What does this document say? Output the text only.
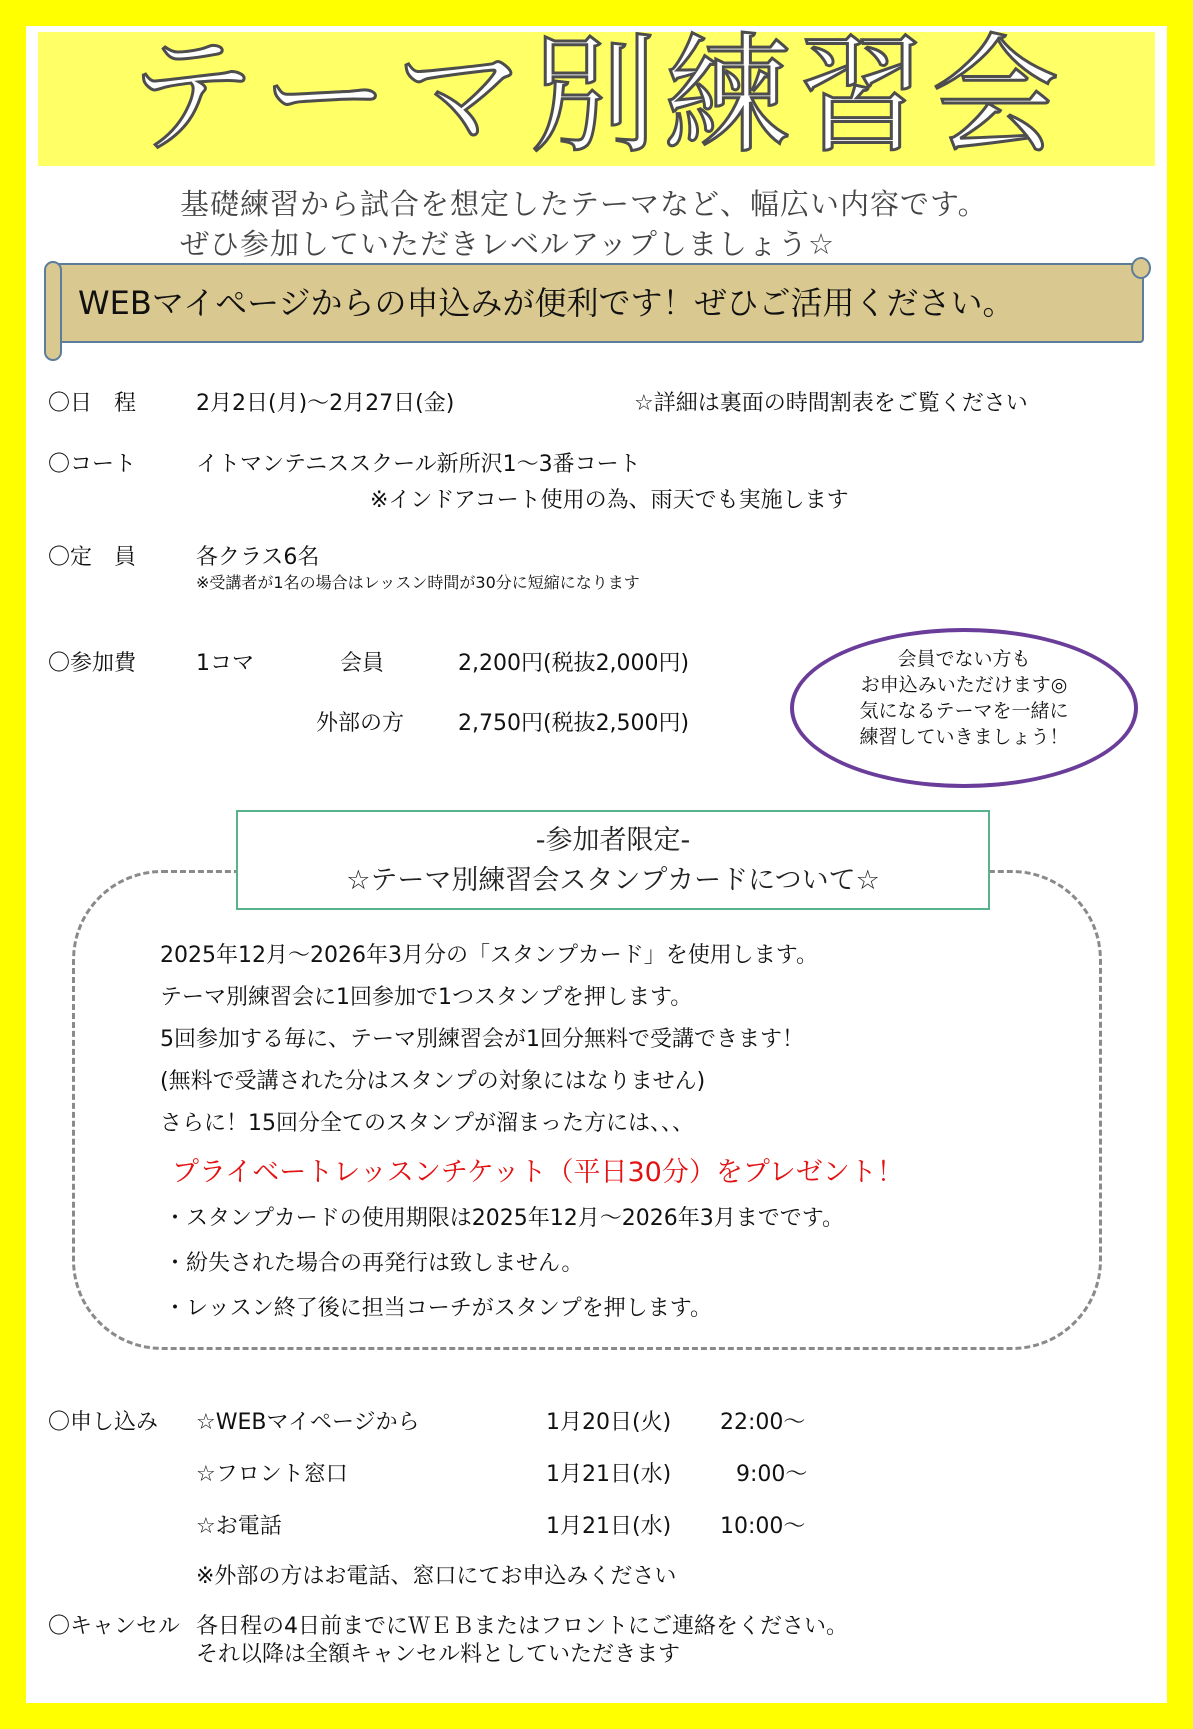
テーマ別練習会
基礎練習から試合を想定したテーマなど、幅広い内容です。
ぜひ参加していただきレベルアップしましょう☆
WEBマイページからの申込みが便利です！ぜひご活用ください。
〇日　程	2月2日(月)～2月27日(金)	☆詳細は裏面の時間割表をご覧ください
〇コート	イトマンテニススクール新所沢1～3番コート
※インドアコート使用の為、雨天でも実施します
〇定　員	各クラス6名
※受講者が1名の場合はレッスン時間が30分に短縮になります
〇参加費	1コマ	会員	2,200円(税抜2,000円)
外部の方 2,750円(税抜2,500円)
会員でない方も
お申込みいただけます◎
気になるテーマを一緒に
練習していきましょう！
-参加者限定-
☆テーマ別練習会スタンプカードについて☆
2025年12月～2026年3月分の「スタンプカード」を使用します。
テーマ別練習会に1回参加で1つスタンプを押します。
5回参加する毎に、テーマ別練習会が1回分無料で受講できます！
(無料で受講された分はスタンプの対象にはなりません)
さらに！15回分全てのスタンプが溜まった方には、、、
プライベートレッスンチケット（平日30分）をプレゼント！
・スタンプカードの使用期限は2025年12月～2026年3月までです。
・紛失された場合の再発行は致しません。
・レッスン終了後に担当コーチがスタンプを押します。
〇申し込み ☆WEBマイページから	1月20日(火) 22:00～
☆フロント窓口	1月21日(水)	9:00～
☆お電話	1月21日(水) 10:00～
※外部の方はお電話、窓口にてお申込みください
〇キャンセル 各日程の4日前までにＷＥＢまたはフロントにご連絡をください。
それ以降は全額キャンセル料としていただきます
